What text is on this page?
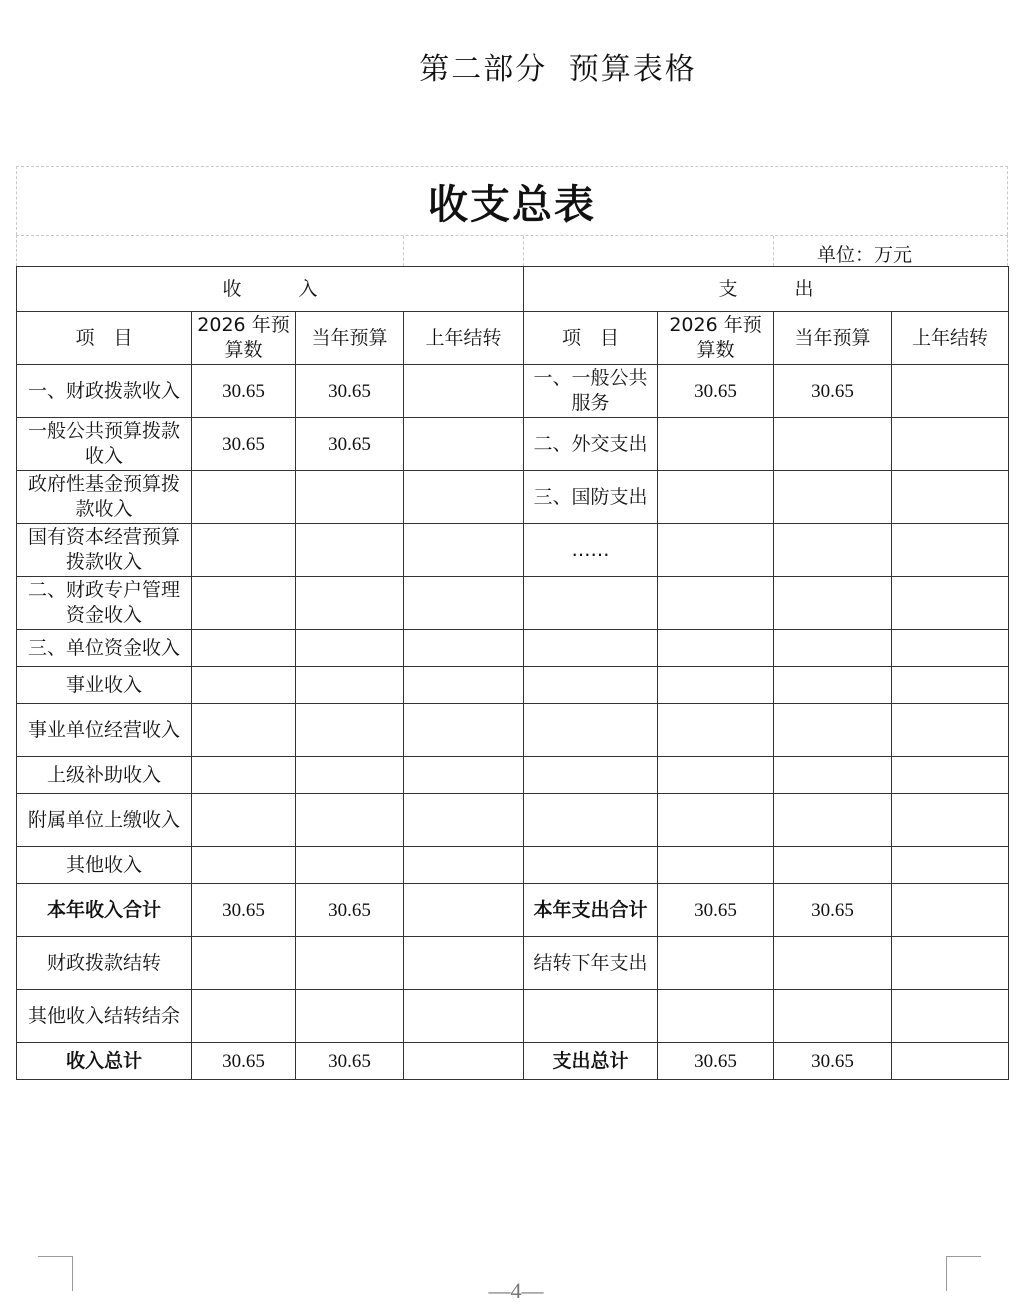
第二部分 预算表格
收支总表
单位：万元
收　　　入				支　　　出			
项　目	2026 年预算数	当年预算	上年结转	项　目	2026 年预算数	当年预算	上年结转
一、财政拨款收入	30.65	30.65		一、一般公共服务	30.65	30.65	
一般公共预算拨款收入	30.65	30.65		二、外交支出			
政府性基金预算拨款收入				三、国防支出			
国有资本经营预算拨款收入				……			
二、财政专户管理资金收入							
三、单位资金收入							
事业收入							
事业单位经营收入							
上级补助收入							
附属单位上缴收入							
其他收入							
本年收入合计	30.65	30.65		本年支出合计	30.65	30.65	
财政拨款结转				结转下年支出			
其他收入结转结余							
收入总计	30.65	30.65		支出总计	30.65	30.65	
—4—
